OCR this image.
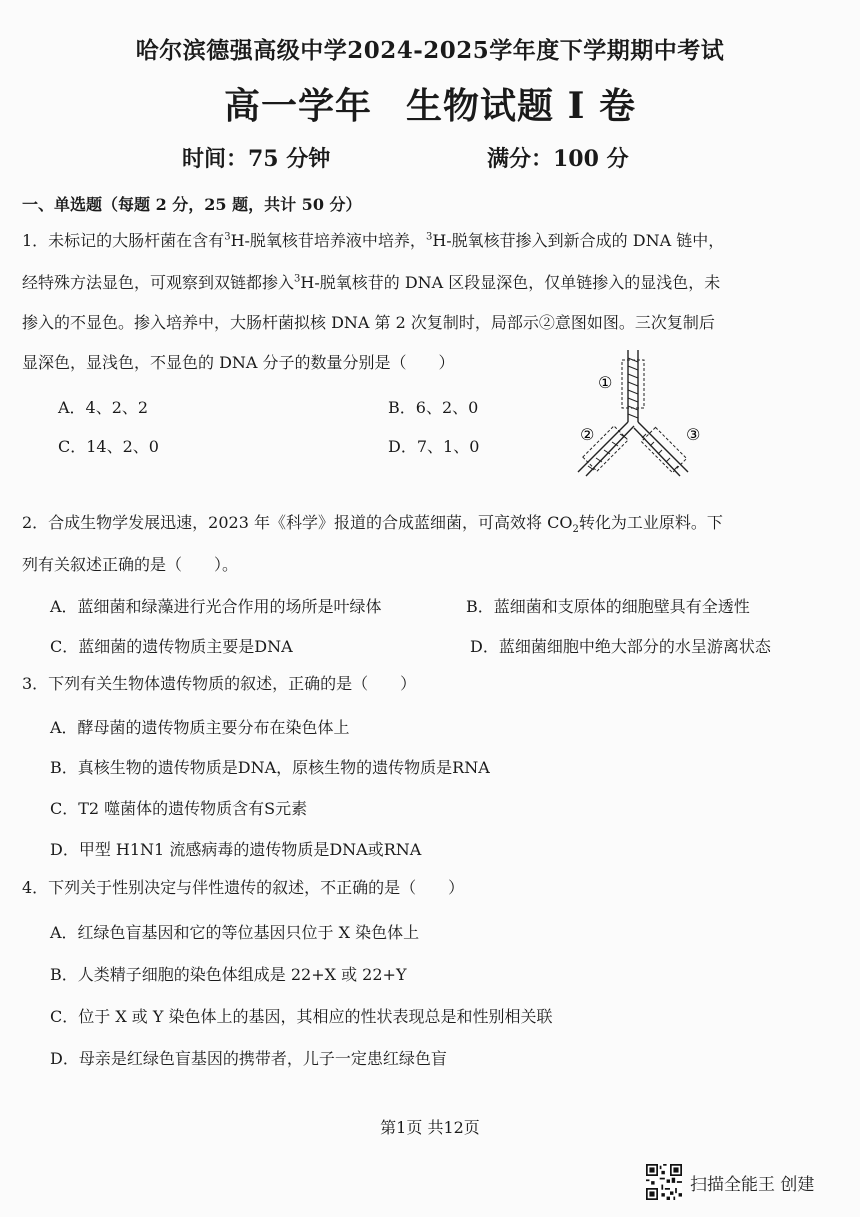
哈尔滨德强高级中学2024-2025学年度下学期期中考试
高一学年 生物试题 I 卷
时间：75 分钟	满分：100 分
一、单选题（每题 2 分，25 题，共计 50 分）
1．未标记的大肠杆菌在含有$^3$H-脱氧核苷培养液中培养，$^3$H-脱氧核苷掺入到新合成的 DNA 链中，
经特殊方法显色，可观察到双链都掺入$^3$H-脱氧核苷的 DNA 区段显深色，仅单链掺入的显浅色，未
掺入的不显色。掺入培养中，大肠杆菌拟核 DNA 第 2 次复制时，局部示②意图如图。三次复制后
显深色，显浅色，不显色的 DNA 分子的数量分别是（　　）
A．4、2、2	B．6、2、0
C．14、2、0	D．7、1、0
①
②	③
2．合成生物学发展迅速，2023 年《科学》报道的合成蓝细菌，可高效将 $CO_2$转化为工业原料。下
列有关叙述正确的是（　　）。
A．蓝细菌和绿藻进行光合作用的场所是叶绿体	B．蓝细菌和支原体的细胞壁具有全透性
C．蓝细菌的遗传物质主要是DNA	D．蓝细菌细胞中绝大部分的水呈游离状态
3．下列有关生物体遗传物质的叙述，正确的是（　　）
A．酵母菌的遗传物质主要分布在染色体上
B．真核生物的遗传物质是DNA，原核生物的遗传物质是RNA
C．T2 噬菌体的遗传物质含有S元素
D．甲型 H1N1 流感病毒的遗传物质是DNA或RNA
4．下列关于性别决定与伴性遗传的叙述，不正确的是（　　）
A．红绿色盲基因和它的等位基因只位于 X 染色体上
B．人类精子细胞的染色体组成是 22+X 或 22+Y
C．位于 X 或 Y 染色体上的基因，其相应的性状表现总是和性别相关联
D．母亲是红绿色盲基因的携带者，儿子一定患红绿色盲
第1页 共12页
扫描全能王 创建
